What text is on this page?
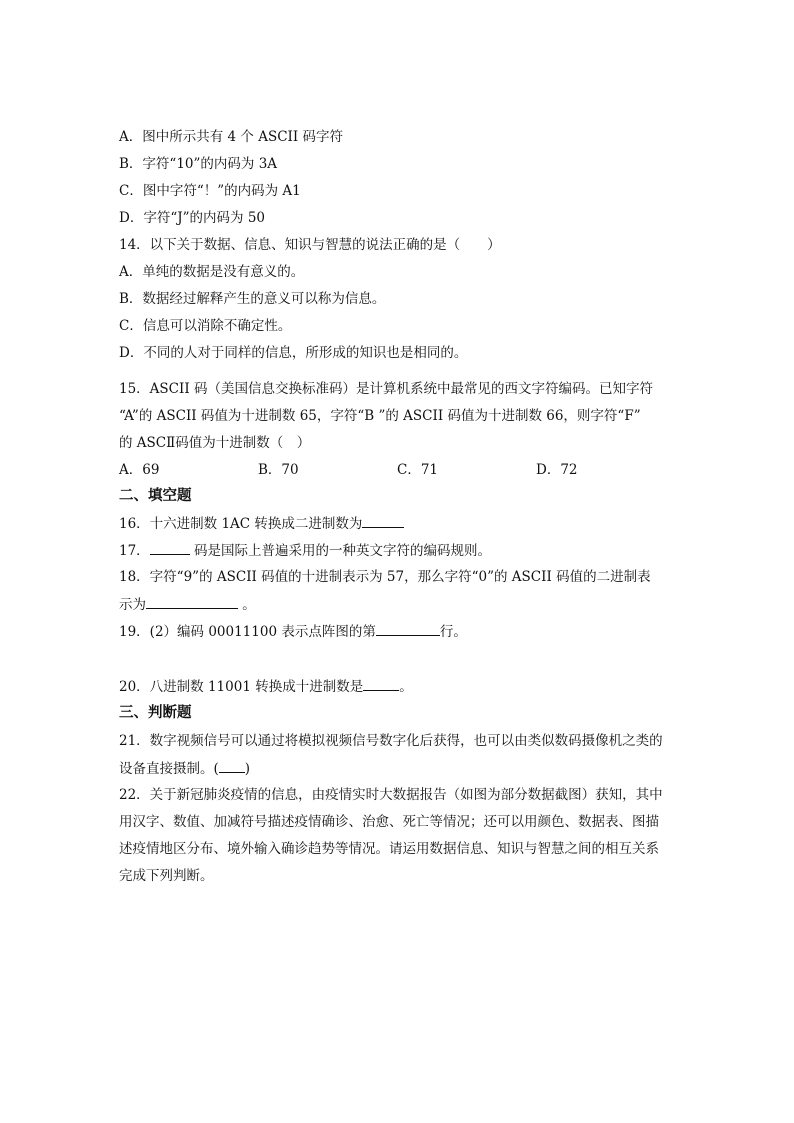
A．图中所示共有 4 个 ASCII 码字符
B．字符“10”的内码为 3A
C．图中字符“！”的内码为 A1
D．字符“J”的内码为 50
14．以下关于数据、信息、知识与智慧的说法正确的是（　　）
A．单纯的数据是没有意义的。
B．数据经过解释产生的意义可以称为信息。
C．信息可以消除不确定性。
D．不同的人对于同样的信息，所形成的知识也是相同的。
15．ASCII 码（美国信息交换标准码）是计算机系统中最常见的西文字符编码。已知字符
“A”的 ASCII 码值为十进制数 65，字符“B ”的 ASCII 码值为十进制数 66，则字符“F”
的 ASCⅡ码值为十进制数（　）
A．69	B．70	C．71	D．72
二、填空题
16．十六进制数 1AC 转换成二进制数为
17．	码是国际上普遍采用的一种英文字符的编码规则。
18．字符“9”的 ASCII 码值的十进制表示为 57，那么字符“0”的 ASCII 码值的二进制表
示为	。
19．(2）编码 00011100 表示点阵图的第	行。
20．八进制数 11001 转换成十进制数是	。
三、判断题
21．数字视频信号可以通过将模拟视频信号数字化后获得，也可以由类似数码摄像机之类的
设备直接摄制。( )
22．关于新冠肺炎疫情的信息，由疫情实时大数据报告（如图为部分数据截图）获知，其中
用汉字、数值、加减符号描述疫情确诊、治愈、死亡等情况；还可以用颜色、数据表、图描
述疫情地区分布、境外输入确诊趋势等情况。请运用数据信息、知识与智慧之间的相互关系
完成下列判断。
